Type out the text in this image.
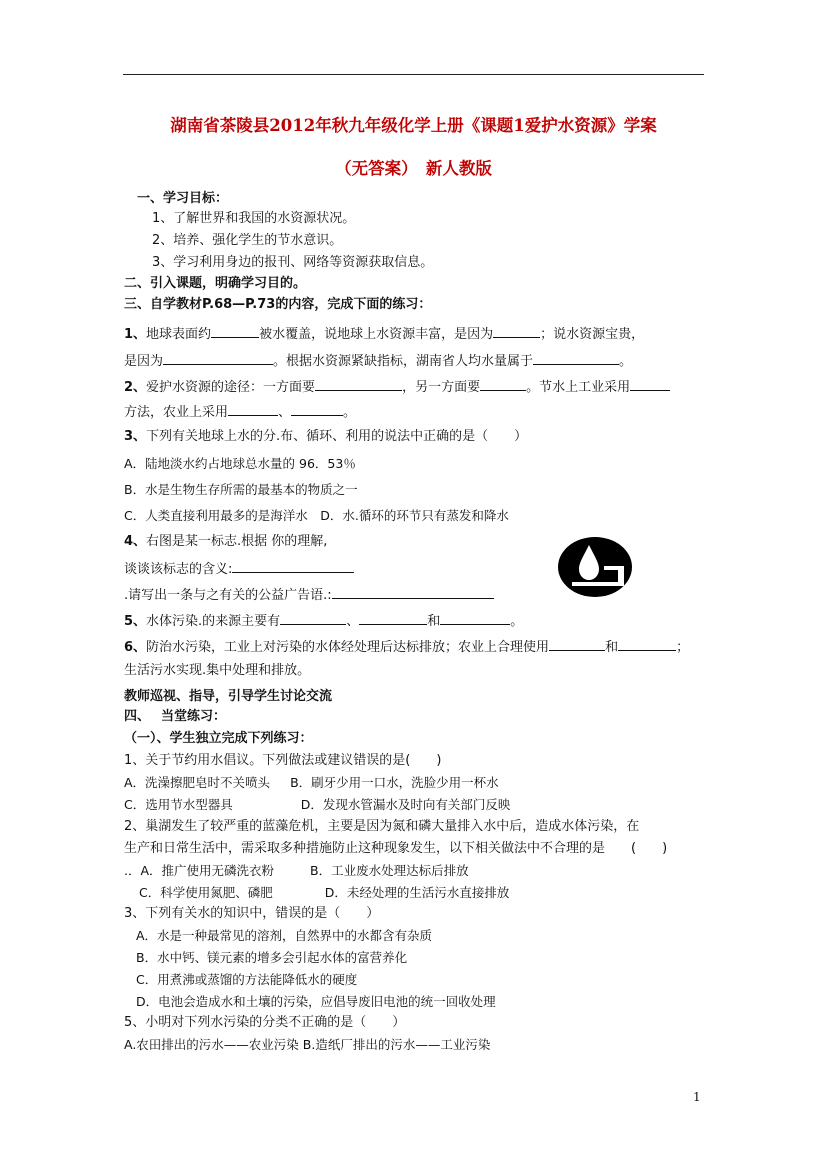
湖南省茶陵县2012年秋九年级化学上册《课题1爱护水资源》学案
（无答案）　新人教版
一、学习目标：
1、了解世界和我国的水资源状况。
2、培养、强化学生的节水意识。
3、学习利用身边的报刊、网络等资源获取信息。
二、引入课题，明确学习目的。
三、自学教材P.68—P.73的内容，完成下面的练习：
1、地球表面约	被水覆盖，说地球上水资源丰富，是因为	；说水资源宝贵，
是因为	。根据水资源紧缺指标，湖南省人均水量属于	。
2、爱护水资源的途径：一方面要	，另一方面要	。节水上工业采用
方法，农业上采用	、	。
3、下列有关地球上水的分.布、循环、利用的说法中正确的是（　　）
A．陆地淡水约占地球总水量的 96．53％
B．水是生物生存所需的最基本的物质之一
C．人类直接利用最多的是海洋水　D．水.循环的环节只有蒸发和降水
4、右图是某一标志.根据 你的理解,
谈谈该标志的含义:
.请写出一条与之有关的公益广告语.:
5、水体污染.的来源主要有	、	和	。
6、防治水污染，工业上对污染的水体经处理后达标排放；农业上合理使用	和	；
生活污水实现.集中处理和排放。
教师巡视、指导，引导学生讨论交流
四、　 当堂练习：
（一）、学生独立完成下列练习：
1、关于节约用水倡议。下列做法或建议错误的是(　　)
A．洗澡擦肥皂时不关喷头 B．刷牙少用一口水，洗脸少用一杯水
C．选用节水型器具	D．发现水管漏水及时向有关部门反映
2、巢湖发生了较严重的蓝藻危机，主要是因为氮和磷大量排入水中后，造成水体污染，在
生产和日常生活中，需采取多种措施防止这种现象发生，以下相关做法中不合理的是　　(　　)
.．A．推广使用无磷洗衣粉	B．工业废水处理达标后排放
C．科学使用氮肥、磷肥	D．未经处理的生活污水直接排放
3、下列有关水的知识中，错误的是（　　）
A．水是一种最常见的溶剂，自然界中的水都含有杂质
B．水中钙、镁元素的增多会引起水体的富营养化
C．用煮沸或蒸馏的方法能降低水的硬度
D．电池会造成水和土壤的污染，应倡导废旧电池的统一回收处理
5、小明对下列水污染的分类不正确的是（　　）
A.农田排出的污水——农业污染 B.造纸厂排出的污水——工业污染
1
